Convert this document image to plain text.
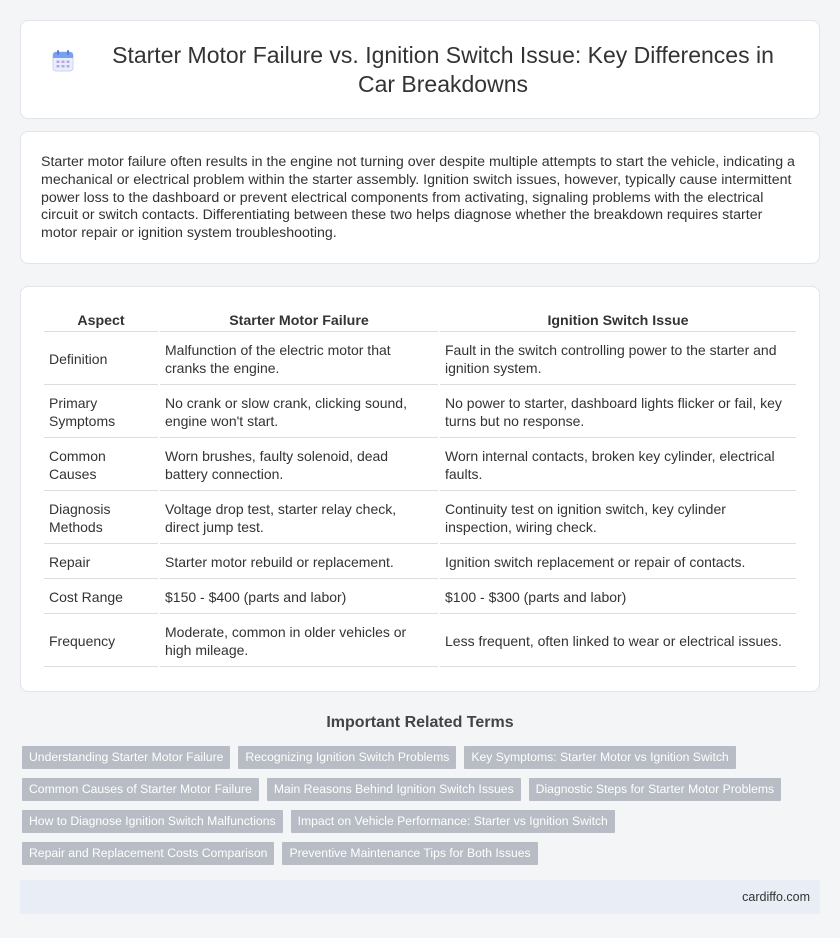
Starter Motor Failure vs. Ignition Switch Issue: Key Differences in Car Breakdowns

Starter motor failure often results in the engine not turning over despite multiple attempts to start the vehicle, indicating a mechanical or electrical problem within the starter assembly. Ignition switch issues, however, typically cause intermittent power loss to the dashboard or prevent electrical components from activating, signaling problems with the electrical circuit or switch contacts. Differentiating between these two helps diagnose whether the breakdown requires starter motor repair or ignition system troubleshooting.

Aspect	Starter Motor Failure	Ignition Switch Issue
Definition	Malfunction of the electric motor that cranks the engine.	Fault in the switch controlling power to the starter and ignition system.
Primary Symptoms	No crank or slow crank, clicking sound, engine won't start.	No power to starter, dashboard lights flicker or fail, key turns but no response.
Common Causes	Worn brushes, faulty solenoid, dead battery connection.	Worn internal contacts, broken key cylinder, electrical faults.
Diagnosis Methods	Voltage drop test, starter relay check, direct jump test.	Continuity test on ignition switch, key cylinder inspection, wiring check.
Repair	Starter motor rebuild or replacement.	Ignition switch replacement or repair of contacts.
Cost Range	$150 - $400 (parts and labor)	$100 - $300 (parts and labor)
Frequency	Moderate, common in older vehicles or high mileage.	Less frequent, often linked to wear or electrical issues.
Important Related Terms
Understanding Starter Motor Failure	Recognizing Ignition Switch Problems	Key Symptoms: Starter Motor vs Ignition Switch
Common Causes of Starter Motor Failure	Main Reasons Behind Ignition Switch Issues	Diagnostic Steps for Starter Motor Problems
How to Diagnose Ignition Switch Malfunctions	Impact on Vehicle Performance: Starter vs Ignition Switch
Repair and Replacement Costs Comparison	Preventive Maintenance Tips for Both Issues
cardiffo.com
